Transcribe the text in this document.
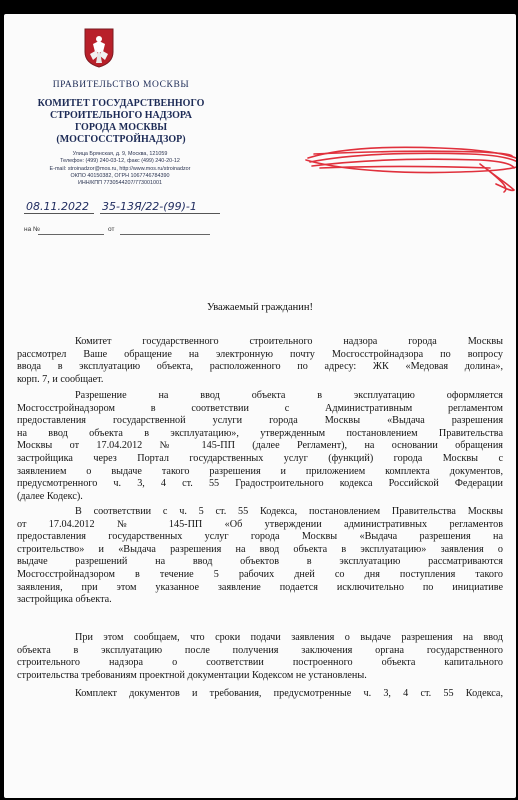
ПРАВИТЕЛЬСТВО МОСКВЫ
КОМИТЕТ ГОСУДАРСТВЕННОГО
СТРОИТЕЛЬНОГО НАДЗОРА
ГОРОДА МОСКВЫ
(МОСГОССТРОЙНАДЗОР)
Улица Брянская, д. 9, Москва, 121059
Телефон: (499) 240-03-12, факс (499) 240-20-12
E-mail: stroinadzor@mos.ru, http://www.mos.ru/stroinadzor
ОКПО 40150382, ОГРН 1067746784390
ИНН/КПП 7730544207/773001001
08.11.2022 35-13Я/22-(99)-1
на №	от
Уважаемый гражданин!
Комитет государственного строительного надзора города Москвы
рассмотрел Ваше обращение на электронную почту Мосгосстройнадзора по вопросу
ввода в эксплуатацию объекта, расположенного по адресу: ЖК «Медовая долина»,

корп. 7, и сообщает.
Разрешение на ввод объекта в эксплуатацию оформляется
Мосгосстройнадзором в соответствии с Административным регламентом
предоставления государственной услуги города Москвы «Выдача разрешения
на ввод объекта в эксплуатацию», утвержденным постановлением Правительства
Москвы от 17.04.2012 № 145-ПП (далее Регламент), на основании обращения
застройщика через Портал государственных услуг (функций) города Москвы с
заявлением о выдаче такого разрешения и приложением комплекта документов,
предусмотренного ч. 3, 4 ст. 55 Градостроительного кодекса Российской Федерации

(далее Кодекс).
В соответствии с ч. 5 ст. 55 Кодекса, постановлением Правительства Москвы
от 17.04.2012 № 145-ПП «Об утверждении административных регламентов
предоставления государственных услуг города Москвы «Выдача разрешения на
строительство» и «Выдача разрешения на ввод объекта в эксплуатацию» заявления о
выдаче разрешений на ввод объектов в эксплуатацию рассматриваются
Мосгосстройнадзором в течение 5 рабочих дней со дня поступления такого
заявления, при этом указанное заявление подается исключительно по инициативе

застройщика объекта.
При этом сообщаем, что сроки подачи заявления о выдаче разрешения на ввод
объекта в эксплуатацию после получения заключения органа государственного
строительного надзора о соответствии построенного объекта капитального

строительства требованиям проектной документации Кодексом не установлены.
Комплект документов и требования, предусмотренные ч. 3, 4 ст. 55 Кодекса,
